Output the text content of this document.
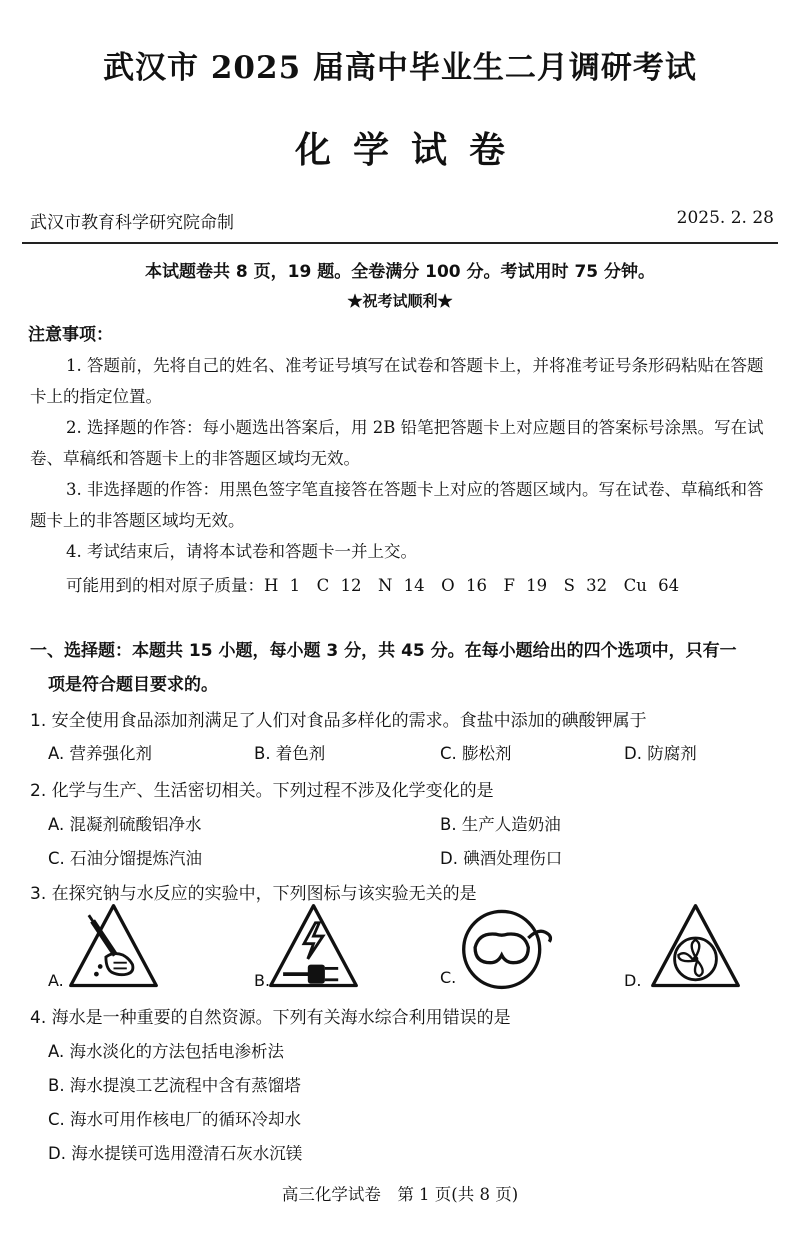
武汉市 2025 届高中毕业生二月调研考试
化学试卷
武汉市教育科学研究院命制	2025. 2. 28
本试题卷共 8 页，19 题。全卷满分 100 分。考试用时 75 分钟。
★祝考试顺利★
注意事项：
1. 答题前，先将自己的姓名、准考证号填写在试卷和答题卡上，并将准考证号条形码粘贴在答题卡上的指定位置。
2. 选择题的作答：每小题选出答案后，用 2B 铅笔把答题卡上对应题目的答案标号涂黑。写在试卷、草稿纸和答题卡上的非答题区域均无效。
3. 非选择题的作答：用黑色签字笔直接答在答题卡上对应的答题区域内。写在试卷、草稿纸和答题卡上的非答题区域均无效。
4. 考试结束后，请将本试卷和答题卡一并上交。
可能用到的相对原子质量：H 1　C 12　N 14　O 16　F 19　S 32　Cu 64
一、选择题：本题共 15 小题，每小题 3 分，共 45 分。在每小题给出的四个选项中，只有一
项是符合题目要求的。
1. 安全使用食品添加剂满足了人们对食品多样化的需求。食盐中添加的碘酸钾属于
A. 营养强化剂	B. 着色剂	C. 膨松剂	D. 防腐剂
2. 化学与生产、生活密切相关。下列过程不涉及化学变化的是
A. 混凝剂硫酸铝净水	B. 生产人造奶油
C. 石油分馏提炼汽油	D. 碘酒处理伤口
3. 在探究钠与水反应的实验中，下列图标与该实验无关的是
A.	B.	C.	D.
4. 海水是一种重要的自然资源。下列有关海水综合利用错误的是
A. 海水淡化的方法包括电渗析法
B. 海水提溴工艺流程中含有蒸馏塔
C. 海水可用作核电厂的循环冷却水
D. 海水提镁可选用澄清石灰水沉镁
高三化学试卷　第 1 页(共 8 页)
